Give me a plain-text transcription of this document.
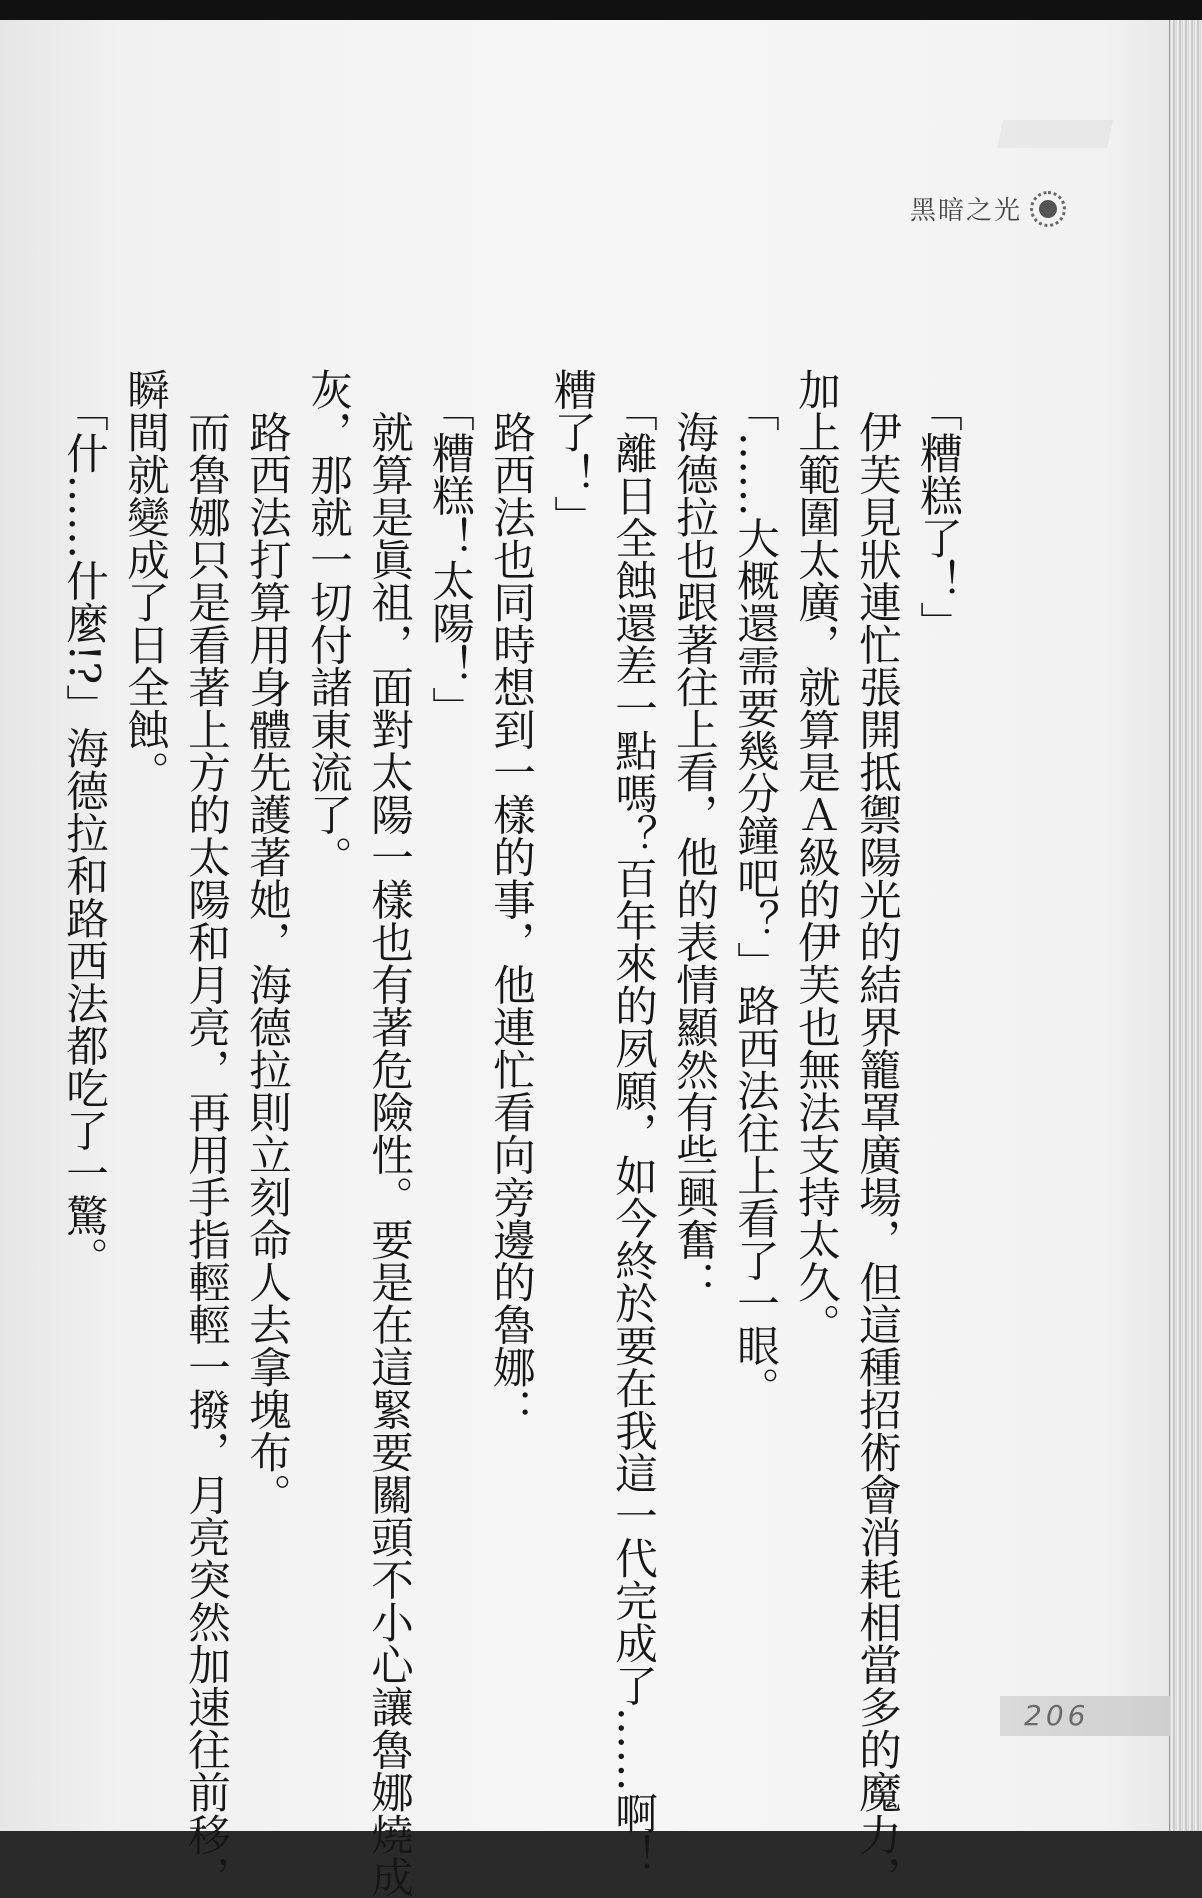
黑暗之光

　「糟糕了！」

　伊芙見狀連忙張開抵禦陽光的結界籠罩廣場，但這種招術會消耗相當多的魔力，

加上範圍太廣，就算是Ａ級的伊芙也無法支持太久。

　「……大概還需要幾分鐘吧？」路西法往上看了一眼。

　海德拉也跟著往上看，他的表情顯然有些興奮：

　「離日全蝕還差一點嗎？百年來的夙願，如今終於要在我這一代完成了……啊！

糟了！」

　路西法也同時想到一樣的事，他連忙看向旁邊的魯娜：

　「糟糕！太陽！」

　就算是眞祖，面對太陽一樣也有著危險性。要是在這緊要關頭不小心讓魯娜燒成

灰，那就一切付諸東流了。

　路西法打算用身體先護著她，海德拉則立刻命人去拿塊布。

　而魯娜只是看著上方的太陽和月亮，再用手指輕輕一撥，月亮突然加速往前移，

瞬間就變成了日全蝕。

　「什……什麼!?」海德拉和路西法都吃了一驚。

206
